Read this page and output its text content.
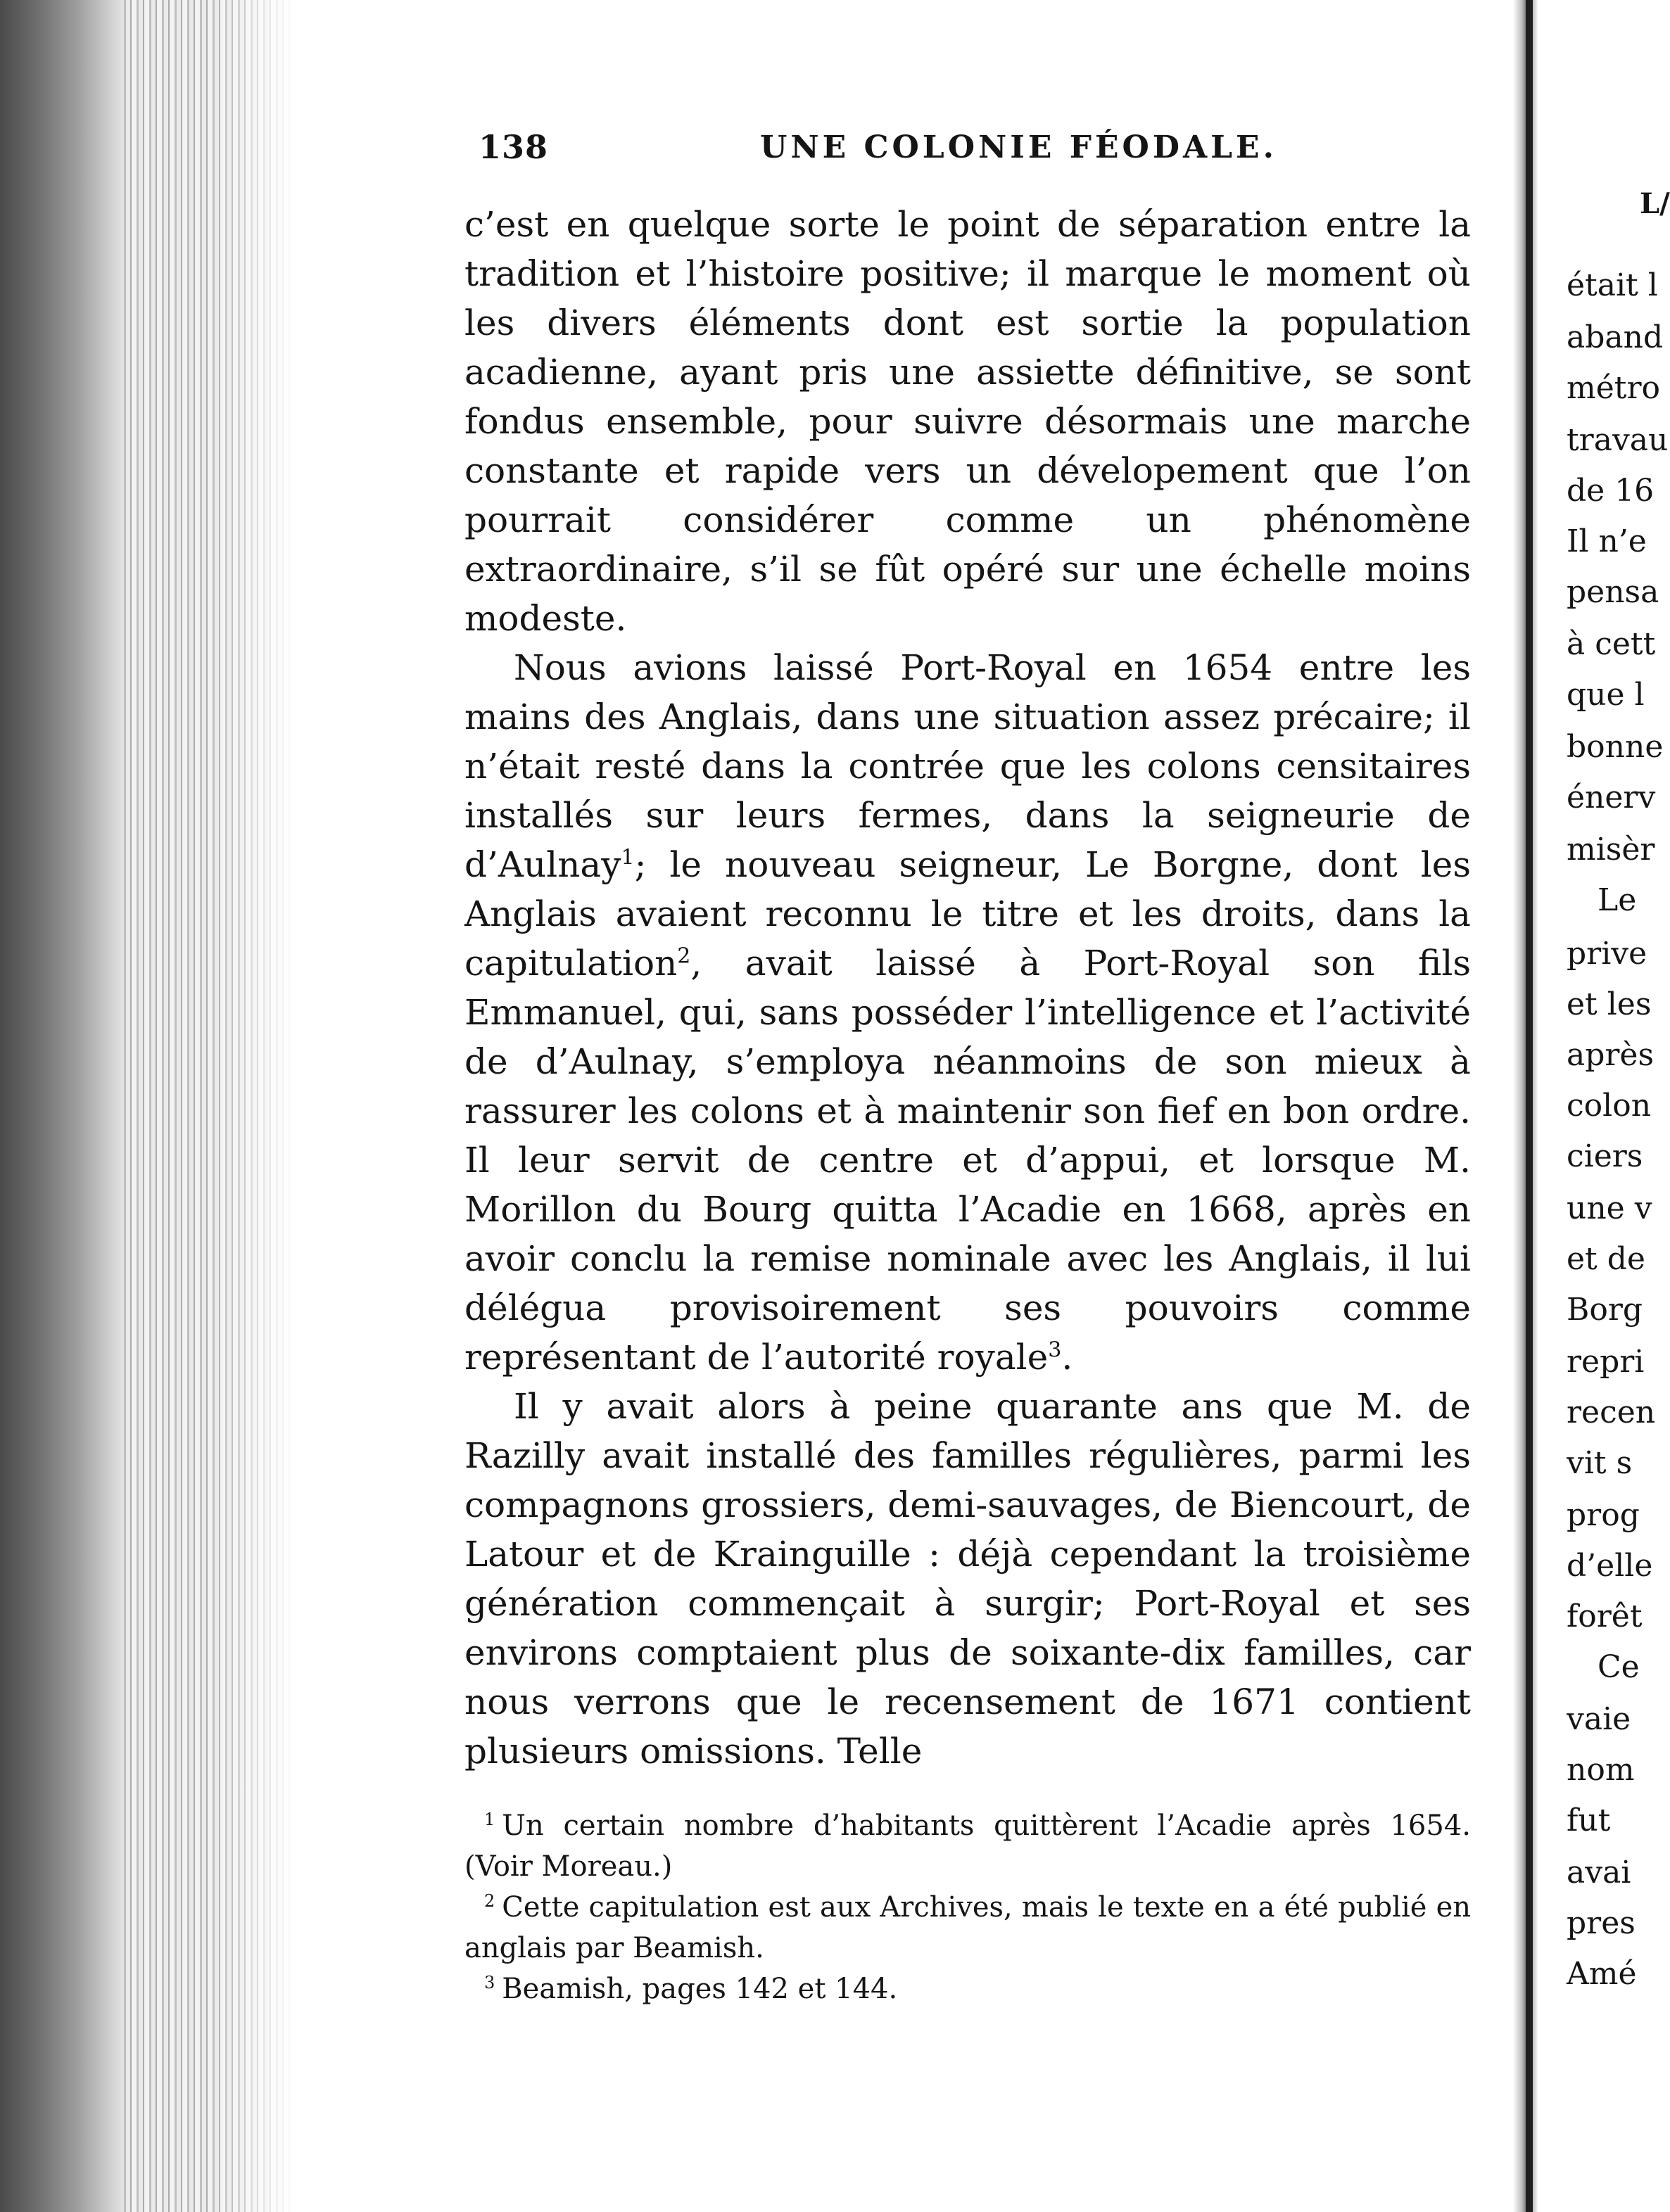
138	UNE COLONIE FÉODALE.

c’est en quelque sorte le point de séparation entre la tradition et l’histoire positive; il marque le moment où les divers éléments dont est sortie la population acadienne, ayant pris une assiette définitive, se sont fondus ensemble, pour suivre désormais une marche constante et rapide vers un dévelopement que l’on pourrait considérer comme un phénomène extraordinaire, s’il se fût opéré sur une échelle moins modeste.

Nous avions laissé Port-Royal en 1654 entre les mains des Anglais, dans une situation assez précaire; il n’était resté dans la contrée que les colons censitaires installés sur leurs fermes, dans la seigneurie de d’Aulnay$^1$; le nouveau seigneur, Le Borgne, dont les Anglais avaient reconnu le titre et les droits, dans la capitulation$^2$, avait laissé à Port-Royal son fils Emmanuel, qui, sans posséder l’intelligence et l’activité de d’Aulnay, s’employa néanmoins de son mieux à rassurer les colons et à maintenir son fief en bon ordre. Il leur servit de centre et d’appui, et lorsque M. Morillon du Bourg quitta l’Acadie en 1668, après en avoir conclu la remise nominale avec les Anglais, il lui délégua provisoirement ses pouvoirs comme représentant de l’autorité royale$^3$.

Il y avait alors à peine quarante ans que M. de Razilly avait installé des familles régulières, parmi les compagnons grossiers, demi-sauvages, de Biencourt, de Latour et de Krainguille : déjà cependant la troisième génération commençait à surgir; Port-Royal et ses environs comptaient plus de soixante-dix familles, car nous verrons que le recensement de 1671 contient plusieurs omissions. Telle

$^1$ Un certain nombre d’habitants quittèrent l’Acadie après 1654. (Voir Moreau.)

$^2$ Cette capitulation est aux Archives, mais le texte en a été publié en anglais par Beamish.

$^3$ Beamish, pages 142 et 144.

L/
était l
aband
métro
travau
de 16
Il n’e
pensa
à cett
que l
bonne
énerv
misèr
Le
prive
et les
après
colon
ciers
une v
et de
Borg
repri
recen
vit s
prog
d’elle
forêt
Ce
vaie
nom
fut
avai
pres
Amé
